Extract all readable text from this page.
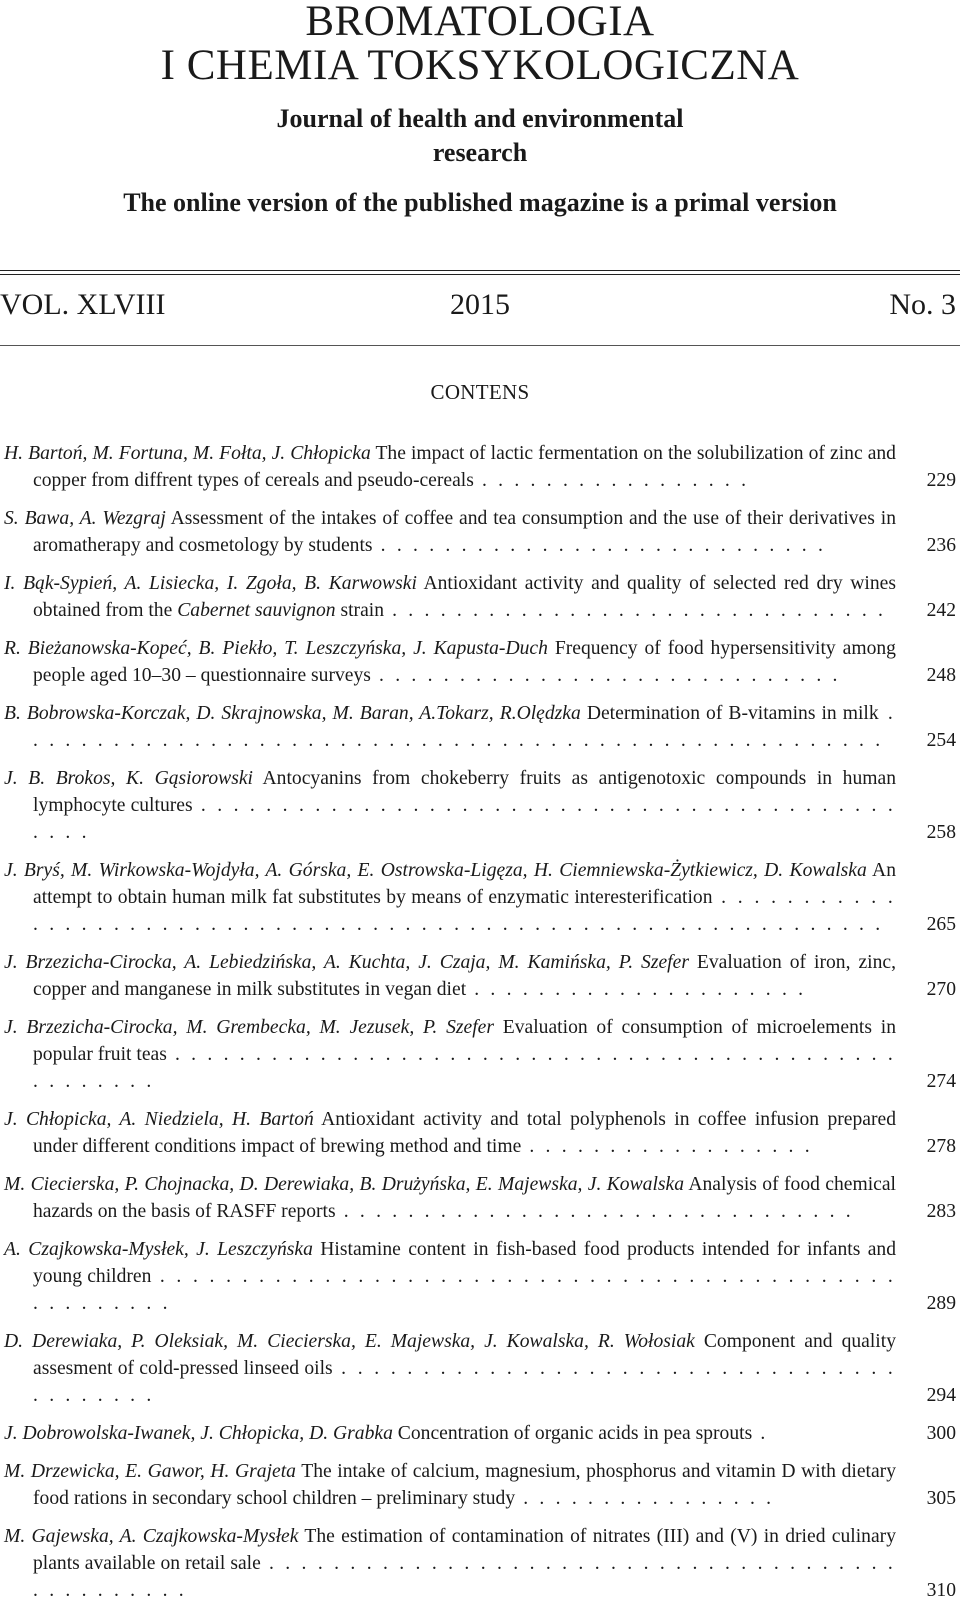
BROMATOLOGIA
I CHEMIA TOKSYKOLOGICZNA
Journal of health and environmental
research
The online version of the published magazine is a primal version
VOL. XLVIII	2015	No. 3
CONTENS
H. Bartoń, M. Fortuna, M. Fołta, J. Chłopicka The impact of lactic fermentation on the solubilization of zinc and copper from diffrent types of cereals and pseudo-cereals . . . . . . . . . . . . . . . . .	229
S. Bawa, A. Wezgraj Assessment of the intakes of coffee and tea consumption and the use of their derivatives in aromatherapy and cosmetology by students . . . . . . . . . . . . . . . . . . . . . . . . . . . .	236
I. Bąk-Sypień, A. Lisiecka, I. Zgoła, B. Karwowski Antioxidant activity and quality of selected red dry wines obtained from the Cabernet sauvignon strain . . . . . . . . . . . . . . . . . . . . . . . . . . . . . . .	242
R. Bieżanowska-Kopeć, B. Piekło, T. Leszczyńska, J. Kapusta-Duch Frequency of food hypersensitivity among people aged 10–30 – questionnaire surveys . . . . . . . . . . . . . . . . . . . . . . . . . . . . .	248
B. Bobrowska-Korczak, D. Skrajnowska, M. Baran, A.Tokarz, R.Olędzka Determination of B-vitamins in milk . . . . . . . . . . . . . . . . . . . . . . . . . . . . . . . . . . . . . . . . . . . . . . . . . . . . . .	254
J. B. Brokos, K. Gąsiorowski Antocyanins from chokeberry fruits as antigenotoxic compounds in human lymphocyte cultures . . . . . . . . . . . . . . . . . . . . . . . . . . . . . . . . . . . . . . . . . . . . . . .	258
J. Bryś, M. Wirkowska-Wojdyła, A. Górska, E. Ostrowska-Ligęza, H. Ciemniewska-Żytkiewicz, D. Kowalska An attempt to obtain human milk fat substitutes by means of enzymatic interesterification . . . . . . . . . . . . . . . . . . . . . . . . . . . . . . . . . . . . . . . . . . . . . . . . . . . . . . . . . . . . . . . .	265
J. Brzezicha-Cirocka, A. Lebiedzińska, A. Kuchta, J. Czaja, M. Kamińska, P. Szefer Evaluation of iron, zinc, copper and manganese in milk substitutes in vegan diet . . . . . . . . . . . . . . . . . . . . .	270
J. Brzezicha-Cirocka, M. Grembecka, M. Jezusek, P. Szefer Evaluation of consumption of microelements in popular fruit teas . . . . . . . . . . . . . . . . . . . . . . . . . . . . . . . . . . . . . . . . . . . . . . . . . . . . .	274
J. Chłopicka, A. Niedziela, H. Bartoń Antioxidant activity and total polyphenols in coffee infusion prepared under different conditions impact of brewing method and time . . . . . . . . . . . . . . . . . .	278
M. Ciecierska, P. Chojnacka, D. Derewiaka, B. Drużyńska, E. Majewska, J. Kowalska Analysis of food chemical hazards on the basis of RASFF reports . . . . . . . . . . . . . . . . . . . . . . . . . . . . . . . .	283
A. Czajkowska-Mysłek, J. Leszczyńska Histamine content in fish-based food products intended for infants and young children . . . . . . . . . . . . . . . . . . . . . . . . . . . . . . . . . . . . . . . . . . . . . . . . . . . . . .	289
D. Derewiaka, P. Oleksiak, M. Ciecierska, E. Majewska, J. Kowalska, R. Wołosiak Component and quality assesment of cold-pressed linseed oils . . . . . . . . . . . . . . . . . . . . . . . . . . . . . . . . . . . . . . . . . .	294
J. Dobrowolska-Iwanek, J. Chłopicka, D. Grabka Concentration of organic acids in pea sprouts .	300
M. Drzewicka, E. Gawor, H. Grajeta The intake of calcium, magnesium, phosphorus and vitamin D with dietary food rations in secondary school children – preliminary study . . . . . . . . . . . . . . . .	305
M. Gajewska, A. Czajkowska-Mysłek The estimation of contamination of nitrates (III) and (V) in dried culinary plants available on retail sale . . . . . . . . . . . . . . . . . . . . . . . . . . . . . . . . . . . . . . . . . . . . . . . . .	310
